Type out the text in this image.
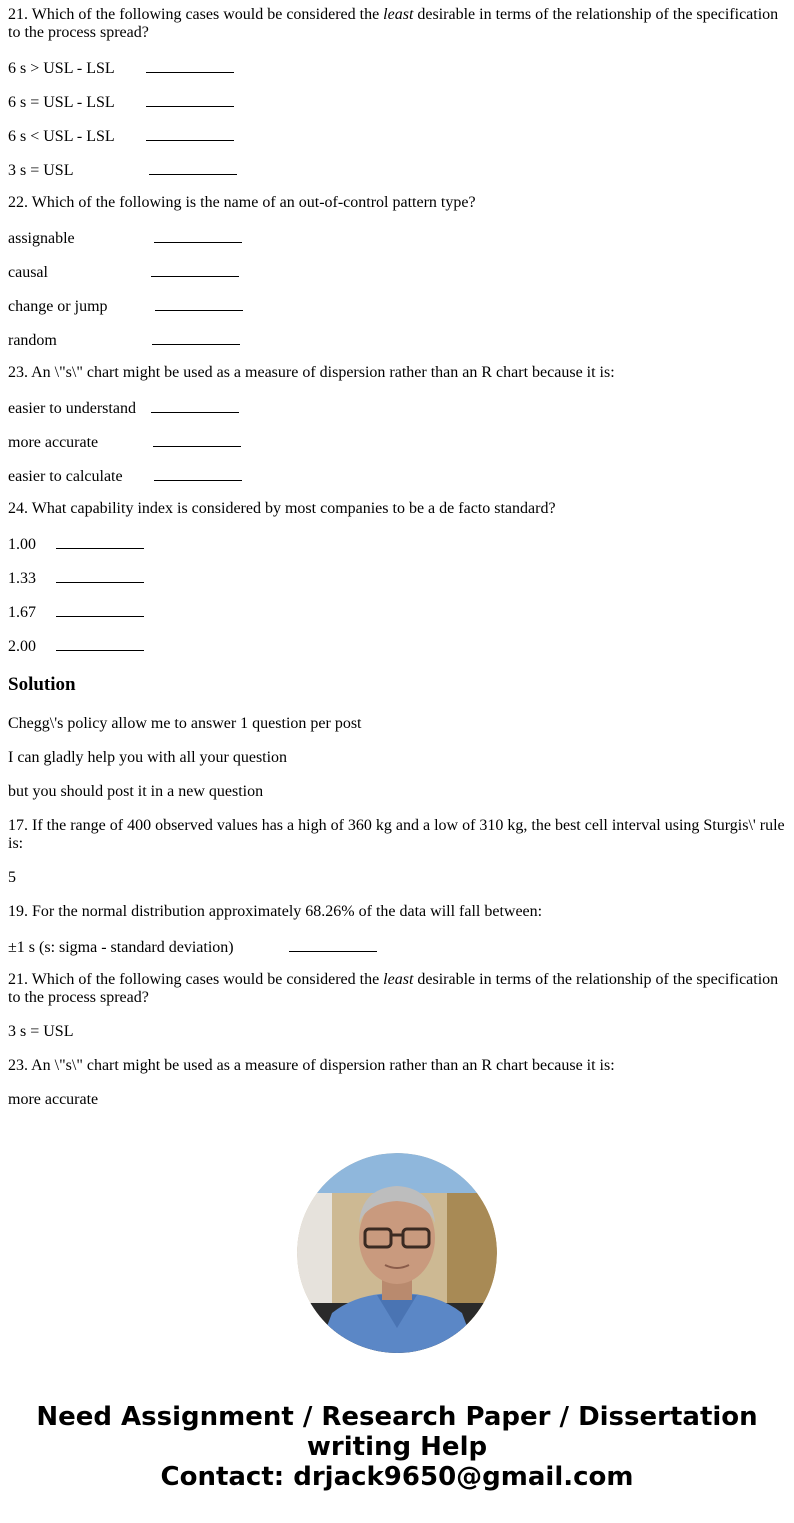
21. Which of the following cases would be considered the least desirable in terms of the relationship of the specification to the process spread?

6 s > USL - LSL
6 s = USL - LSL
6 s < USL - LSL
3 s = USL

22. Which of the following is the name of an out-of-control pattern type?

assignable
causal
change or jump
random

23. An \"s\" chart might be used as a measure of dispersion rather than an R chart because it is:

easier to understand
more accurate
easier to calculate

24. What capability index is considered by most companies to be a de facto standard?

1.00
1.33
1.67
2.00
Solution

Chegg\'s policy allow me to answer 1 question per post

I can gladly help you with all your question

but you should post it in a new question

17. If the range of 400 observed values has a high of 360 kg and a low of 310 kg, the best cell interval using Sturgis\' rule is:

5

19. For the normal distribution approximately 68.26% of the data will fall between:

±1 s (s: sigma - standard deviation)

21. Which of the following cases would be considered the least desirable in terms of the relationship of the specification to the process spread?

3 s = USL

23. An \"s\" chart might be used as a measure of dispersion rather than an R chart because it is:

more accurate

Need Assignment / Research Paper / Dissertation
writing Help
Contact: drjack9650@gmail.com
